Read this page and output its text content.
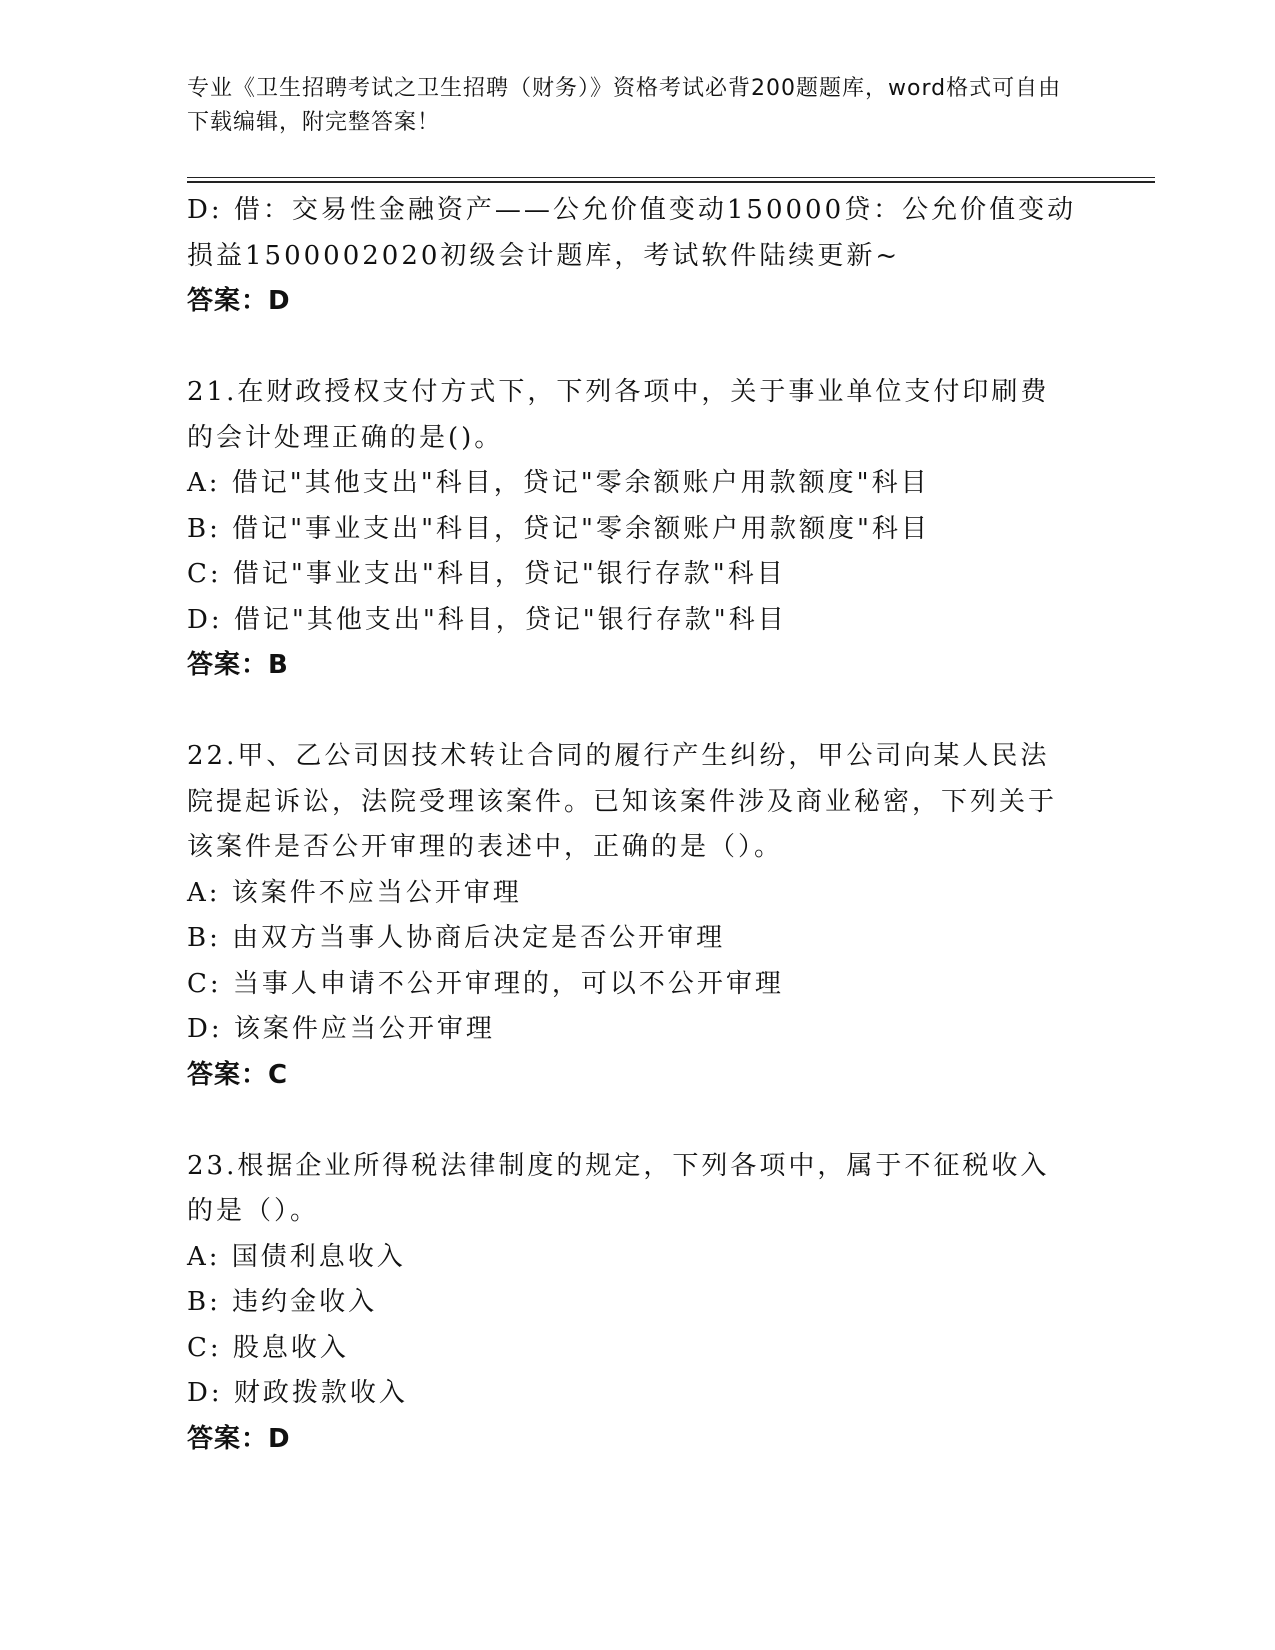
专业《卫生招聘考试之卫生招聘（财务）》资格考试必背200题题库，word格式可自由下载编辑，附完整答案！
D: 借：交易性金融资产——公允价值变动150000贷：公允价值变动损益1500002020初级会计题库，考试软件陆续更新~
答案：D
21.在财政授权支付方式下，下列各项中，关于事业单位支付印刷费的会计处理正确的是()。
A: 借记"其他支出"科目，贷记"零余额账户用款额度"科目
B: 借记"事业支出"科目，贷记"零余额账户用款额度"科目
C: 借记"事业支出"科目，贷记"银行存款"科目
D: 借记"其他支出"科目，贷记"银行存款"科目
答案：B
22.甲、乙公司因技术转让合同的履行产生纠纷，甲公司向某人民法院提起诉讼，法院受理该案件。已知该案件涉及商业秘密，下列关于该案件是否公开审理的表述中，正确的是（）。
A: 该案件不应当公开审理
B: 由双方当事人协商后决定是否公开审理
C: 当事人申请不公开审理的，可以不公开审理
D: 该案件应当公开审理
答案：C
23.根据企业所得税法律制度的规定，下列各项中，属于不征税收入的是（）。
A: 国债利息收入
B: 违约金收入
C: 股息收入
D: 财政拨款收入
答案：D
